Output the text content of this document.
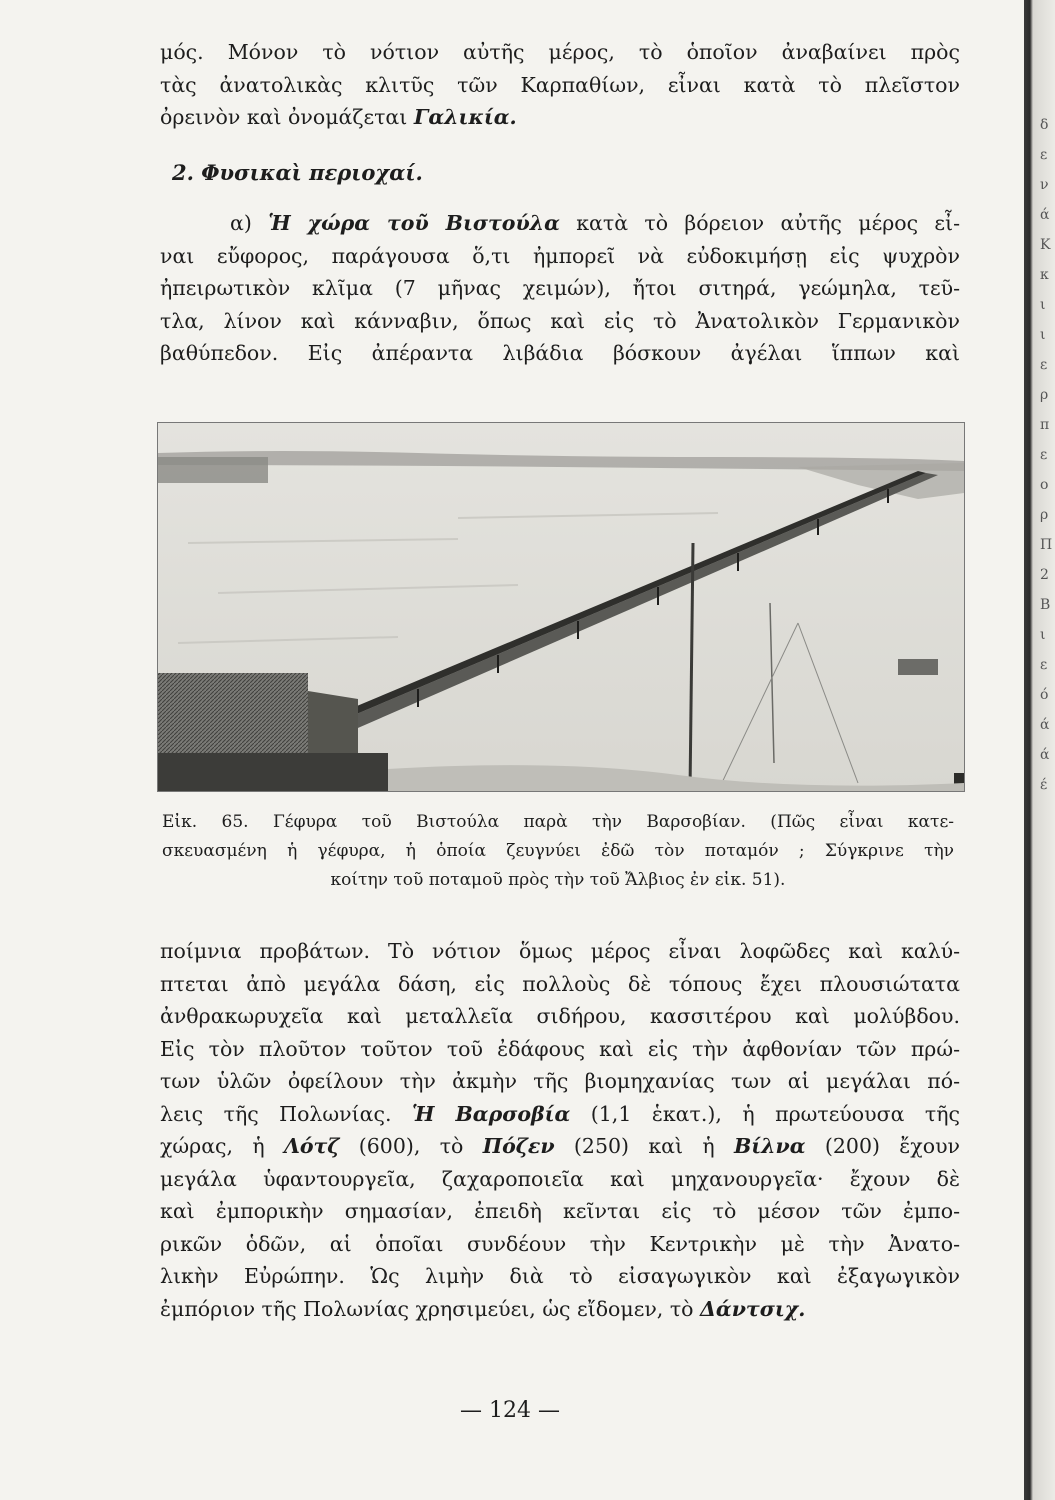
δ
ε
ν
ά
Κ
κ
ι
ι
ε
ρ
π
ε
ο
ρ
Π
2
Β
ι
ε
ό
ά
ά
έ
μός. Μόνον τὸ νότιον αὐτῆς μέρος, τὸ ὁποῖον ἀναβαίνει πρὸς
τὰς ἀνατολικὰς κλιτῦς τῶν Καρπαθίων, εἶναι κατὰ τὸ πλεῖστον
ὀρεινὸν καὶ ὀνομάζεται Γαλικία.
2. Φυσικαὶ περιοχαί.
α) Ἡ χώρα τοῦ Βιστούλα κατὰ τὸ βόρειον αὐτῆς μέρος εἶ-
ναι εὔφορος, παράγουσα ὅ,τι ἠμπορεῖ νὰ εὐδοκιμήσῃ εἰς ψυχρὸν
ἠπειρωτικὸν κλῖμα (7 μῆνας χειμών), ἤτοι σιτηρά, γεώμηλα, τεῦ-
τλα, λίνον καὶ κάνναβιν, ὅπως καὶ εἰς τὸ Ἀνατολικὸν Γερμανικὸν
βαθύπεδον. Εἰς ἀπέραντα λιβάδια βόσκουν ἀγέλαι ἵππων καὶ
Εἰκ. 65. Γέφυρα τοῦ Βιστούλα παρὰ τὴν Βαρσοβίαν. (Πῶς εἶναι κατε-
σκευασμένη ἡ γέφυρα, ἡ ὁποία ζευγνύει ἐδῶ τὸν ποταμόν ; Σύγκρινε τὴν
κοίτην τοῦ ποταμοῦ πρὸς τὴν τοῦ Ἄλβιος ἐν εἰκ. 51).
ποίμνια προβάτων. Τὸ νότιον ὅμως μέρος εἶναι λοφῶδες καὶ καλύ-
πτεται ἀπὸ μεγάλα δάση, εἰς πολλοὺς δὲ τόπους ἔχει πλουσιώτατα
ἀνθρακωρυχεῖα καὶ μεταλλεῖα σιδήρου, κασσιτέρου καὶ μολύβδου.
Εἰς τὸν πλοῦτον τοῦτον τοῦ ἐδάφους καὶ εἰς τὴν ἀφθονίαν τῶν πρώ-
των ὑλῶν ὀφείλουν τὴν ἀκμὴν τῆς βιομηχανίας των αἱ μεγάλαι πό-
λεις τῆς Πολωνίας. Ἡ Βαρσοβία (1,1 ἑκατ.), ἡ πρωτεύουσα τῆς
χώρας, ἡ Λότζ (600), τὸ Πόζεν (250) καὶ ἡ Βίλνα (200) ἔχουν
μεγάλα ὑφαντουργεῖα, ζαχαροποιεῖα καὶ μηχανουργεῖα· ἔχουν δὲ
καὶ ἐμπορικὴν σημασίαν, ἐπειδὴ κεῖνται εἰς τὸ μέσον τῶν ἐμπο-
ρικῶν ὁδῶν, αἱ ὁποῖαι συνδέουν τὴν Κεντρικὴν μὲ τὴν Ἀνατο-
λικὴν Εὐρώπην. Ὡς λιμὴν διὰ τὸ εἰσαγωγικὸν καὶ ἐξαγωγικὸν
ἐμπόριον τῆς Πολωνίας χρησιμεύει, ὡς εἴδομεν, τὸ Δάντσιχ.
— 124 —
